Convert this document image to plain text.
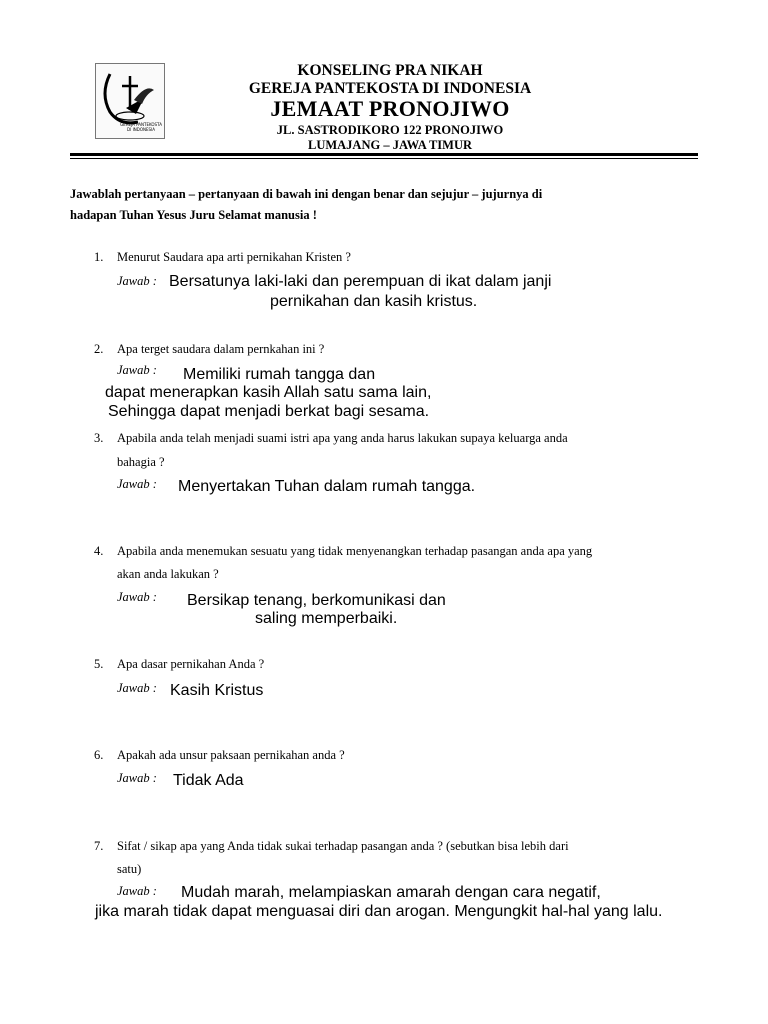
GEREJA PANTEKOSTA DI INDONESIA
KONSELING PRA NIKAH
GEREJA PANTEKOSTA DI INDONESIA
JEMAAT PRONOJIWO
JL. SASTRODIKORO 122 PRONOJIWO
LUMAJANG – JAWA TIMUR
Jawablah pertanyaan – pertanyaan di bawah ini dengan benar dan sejujur – jujurnya di
hadapan Tuhan Yesus Juru Selamat manusia !
1. Menurut Saudara apa arti pernikahan Kristen ?
Jawab : Bersatunya laki-laki dan perempuan di ikat dalam janji
pernikahan dan kasih kristus.
2. Apa terget saudara dalam pernkahan ini ?
Jawab : Memiliki rumah tangga dan
dapat menerapkan kasih Allah satu sama lain,
Sehingga dapat menjadi berkat bagi sesama.
3. Apabila anda telah menjadi suami istri apa yang anda harus lakukan supaya keluarga anda
bahagia ?
Jawab : Menyertakan Tuhan dalam rumah tangga.
4. Apabila anda menemukan sesuatu yang tidak menyenangkan terhadap pasangan anda apa yang
akan anda lakukan ?
Jawab : Bersikap tenang, berkomunikasi dan
saling memperbaiki.
5. Apa dasar pernikahan Anda ?
Jawab : Kasih Kristus
6. Apakah ada unsur paksaan pernikahan anda ?
Jawab : Tidak Ada
7. Sifat / sikap apa yang Anda tidak sukai terhadap pasangan anda ? (sebutkan bisa lebih dari
satu)
Jawab : Mudah marah, melampiaskan amarah dengan cara negatif,
jika marah tidak dapat menguasai diri dan arogan. Mengungkit hal-hal yang lalu.
